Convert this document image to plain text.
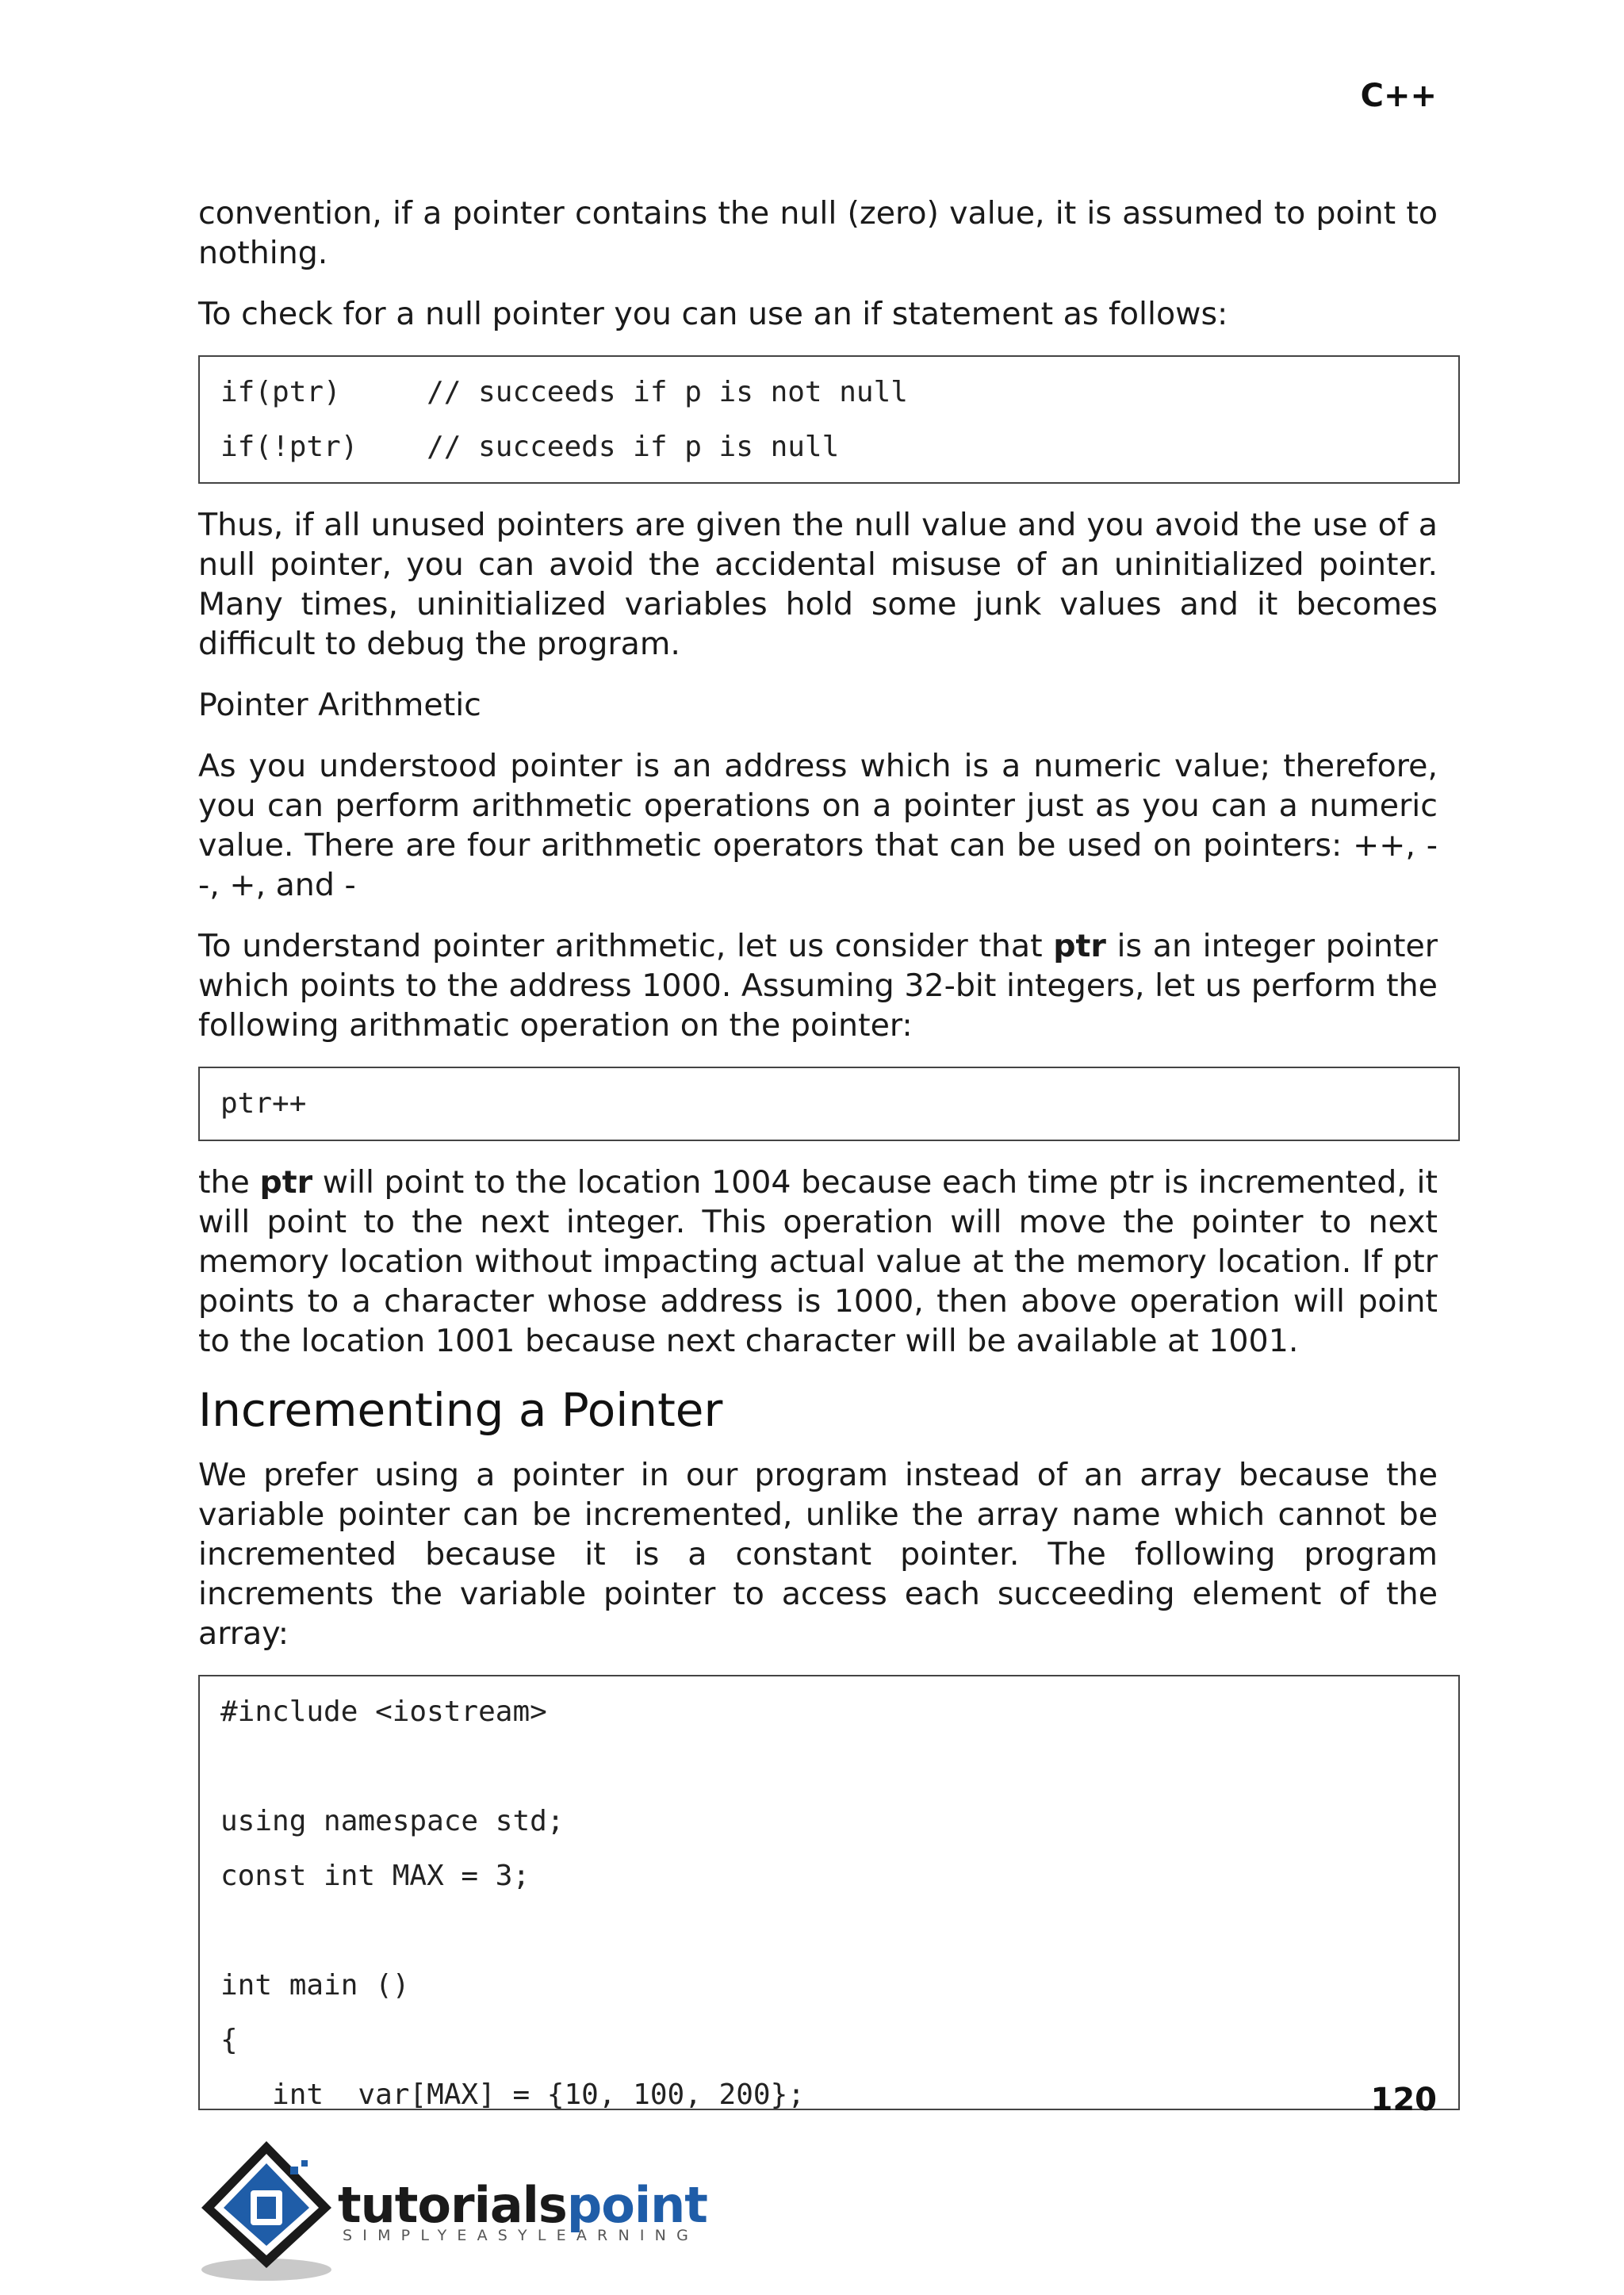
C++

convention, if a pointer contains the null (zero) value, it is assumed to point to nothing.

To check for a null pointer you can use an if statement as follows:

if(ptr)     // succeeds if p is not null
if(!ptr)    // succeeds if p is null

Thus, if all unused pointers are given the null value and you avoid the use of a null pointer, you can avoid the accidental misuse of an uninitialized pointer. Many times, uninitialized variables hold some junk values and it becomes difficult to debug the program.

Pointer Arithmetic

As you understood pointer is an address which is a numeric value; therefore, you can perform arithmetic operations on a pointer just as you can a numeric value. There are four arithmetic operators that can be used on pointers: ++, --, +, and -

To understand pointer arithmetic, let us consider that ptr is an integer pointer which points to the address 1000. Assuming 32-bit integers, let us perform the following arithmatic operation on the pointer:

ptr++

the ptr will point to the location 1004 because each time ptr is incremented, it will point to the next integer. This operation will move the pointer to next memory location without impacting actual value at the memory location. If ptr points to a character whose address is 1000, then above operation will point to the location 1001 because next character will be available at 1001.

Incrementing a Pointer

We prefer using a pointer in our program instead of an array because the variable pointer can be incremented, unlike the array name which cannot be incremented because it is a constant pointer. The following program increments the variable pointer to access each succeeding element of the array:

#include <iostream>
using namespace std;
const int MAX = 3;
int main ()
{
int  var[MAX] = {10, 100, 200};	120
tutorialspoint
SIMPLYEASYLEARNING
